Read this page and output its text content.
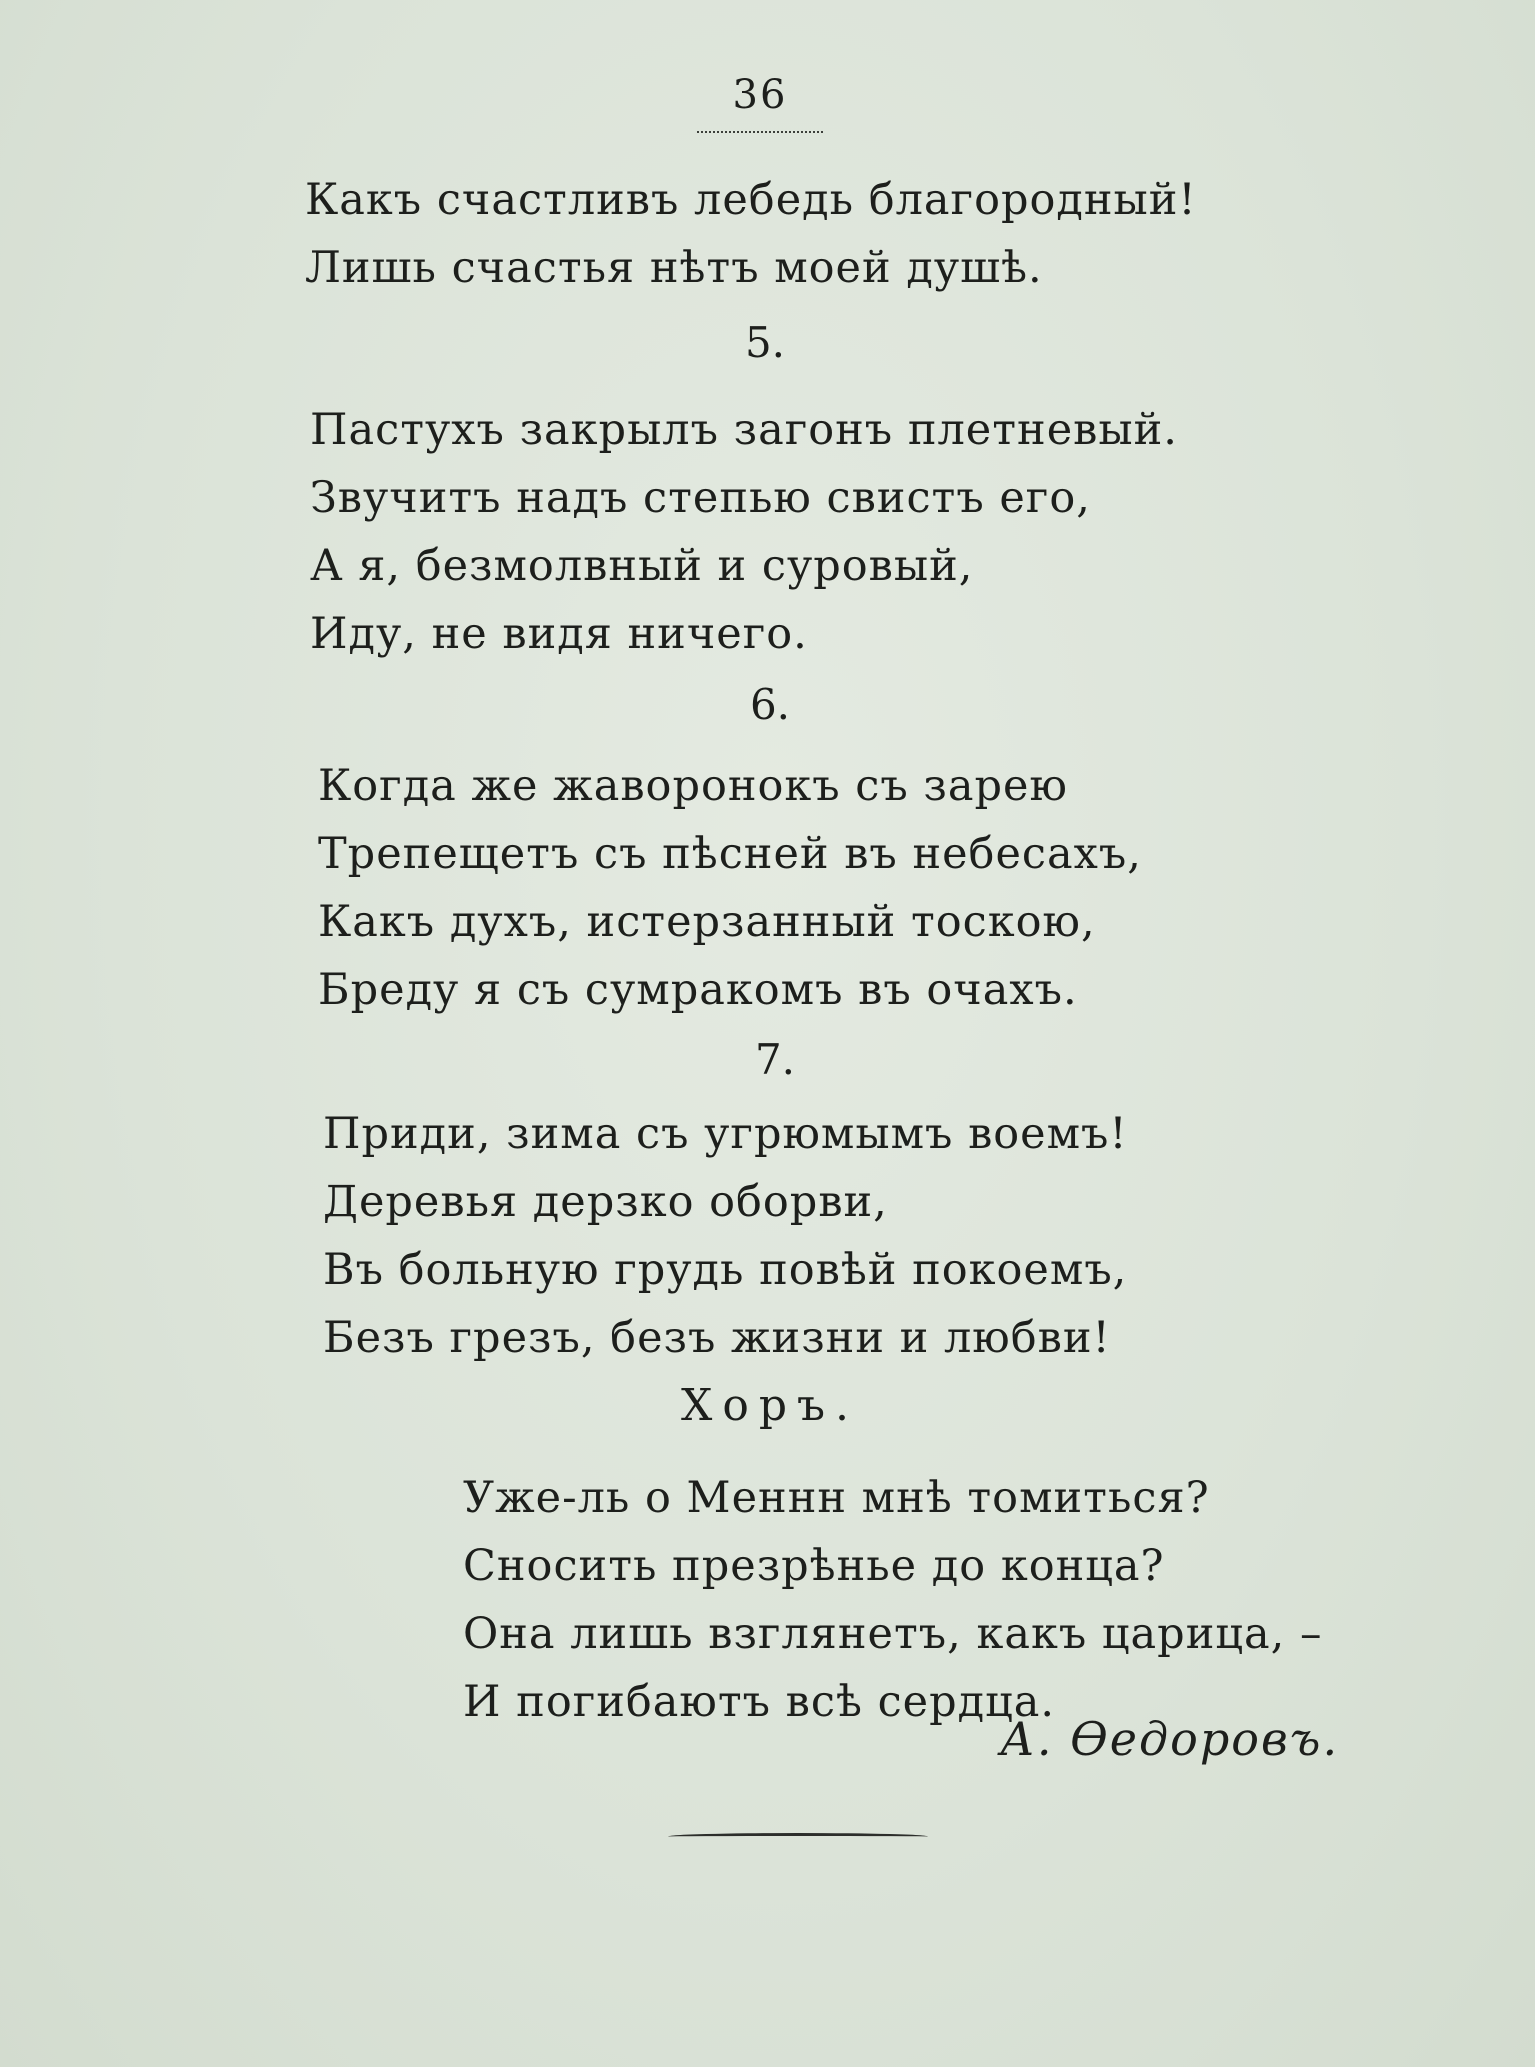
36
Какъ счастливъ лебедь благородный!
Лишь счастья нѣтъ моей душѣ.
5.
Пастухъ закрылъ загонъ плетневый.
Звучитъ надъ степью свистъ его,
А я, безмолвный и суровый,
Иду, не видя ничего.
6.
Когда же жаворонокъ съ зарею
Трепещетъ съ пѣсней въ небесахъ,
Какъ духъ, истерзанный тоскою,
Бреду я съ сумракомъ въ очахъ.
7.
Приди, зима съ угрюмымъ воемъ!
Деревья дерзко оборви,
Въ больную грудь повѣй покоемъ,
Безъ грезъ, безъ жизни и любви!
Хоръ.
Уже-ль о Меннн мнѣ томиться?
Сносить презрѣнье до конца?
Она лишь взглянетъ, какъ царица, –
И погибаютъ всѣ сердца.
А. Өедоровъ.
